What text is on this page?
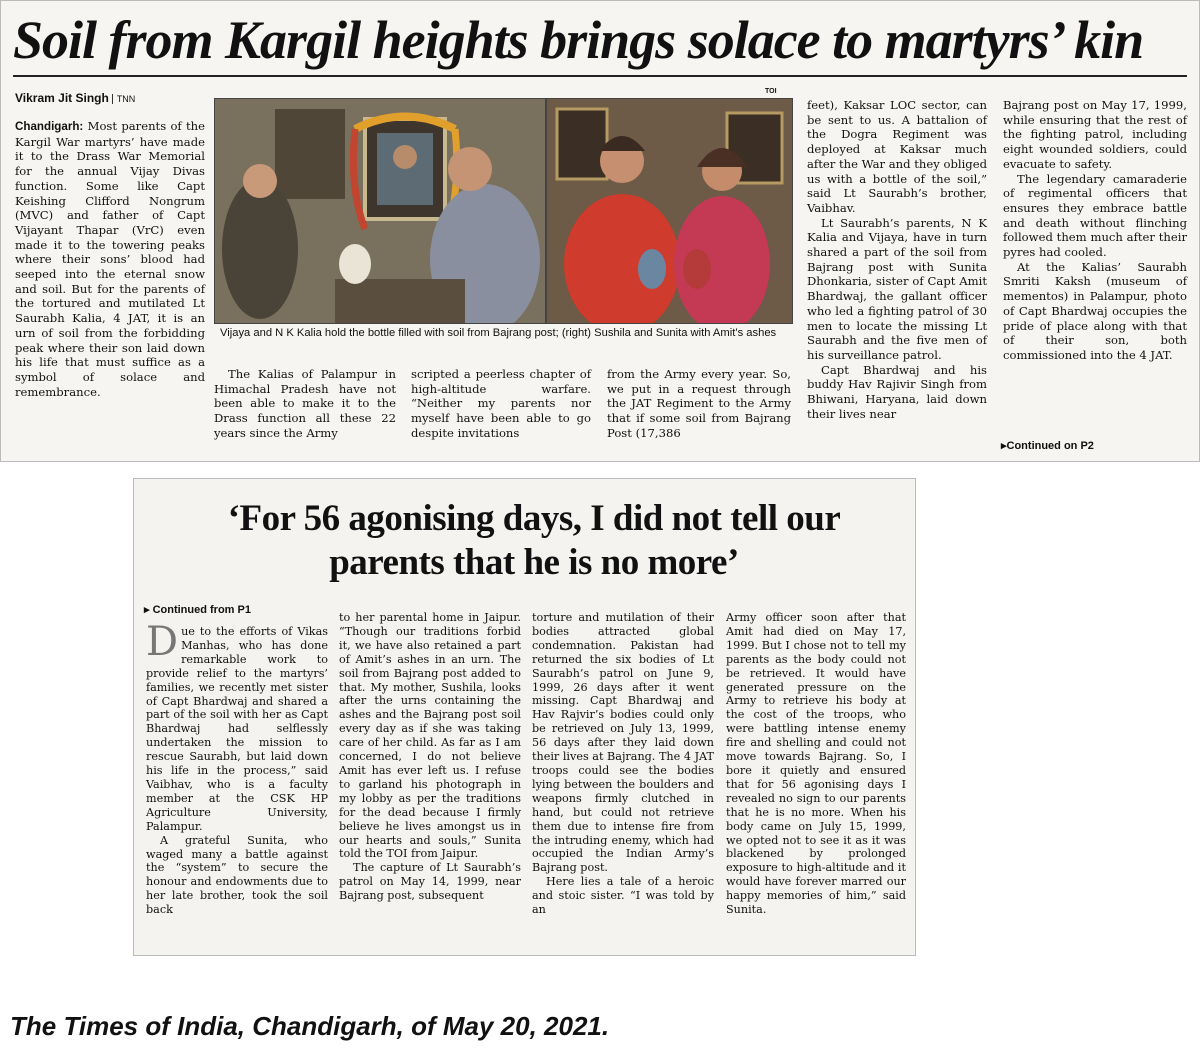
Soil from Kargil heights brings solace to martyrs’ kin
Vikram Jit Singh TNN

Chandigarh: Most parents of the Kargil War martyrs’ have made it to the Drass War Memorial for the annual Vijay Divas function. Some like Capt Keishing Clifford Nongrum (MVC) and father of Capt Vijayant Thapar (VrC) even made it to the towering peaks where their sons’ blood had seeped into the eternal snow and soil. But for the parents of the tortured and mutilated Lt Saurabh Kalia, 4 JAT, it is an urn of soil from the forbidding peak where their son laid down his life that must suffice as a symbol of solace and remembrance.

TOI
Vijaya and N K Kalia hold the bottle filled with soil from Bajrang post; (right) Sushila and Sunita with Amit’s ashes

The Kalias of Palampur in Himachal Pradesh have not been able to make it to the Drass function all these 22 years since the Army

scripted a peerless chapter of high-altitude warfare. “Neither my parents nor myself have been able to go despite invitations

from the Army every year. So, we put in a request through the JAT Regiment to the Army that if some soil from Bajrang Post (17,386

feet), Kaksar LOC sector, can be sent to us. A battalion of the Dogra Regiment was deployed at Kaksar much after the War and they obliged us with a bottle of the soil,” said Lt Saurabh’s brother, Vaibhav.

Lt Saurabh’s parents, N K Kalia and Vijaya, have in turn shared a part of the soil from Bajrang post with Sunita Dhonkaria, sister of Capt Amit Bhardwaj, the gallant officer who led a fighting patrol of 30 men to locate the missing Lt Saurabh and the five men of his surveillance patrol.

Capt Bhardwaj and his buddy Hav Rajivir Singh from Bhiwani, Haryana, laid down their lives near

Bajrang post on May 17, 1999, while ensuring that the rest of the fighting patrol, including eight wounded soldiers, could evacuate to safety.

The legendary camaraderie of regimental officers that ensures they embrace battle and death without flinching followed them much after their pyres had cooled.

At the Kalias’ Saurabh Smriti Kaksh (museum of mementos) in Palampur, photo of Capt Bhardwaj occupies the pride of place along with that of their son, both commissioned into the 4 JAT.

▸Continued on P2
‘For 56 agonising days, I did not tell our parents that he is no more’
▸ Continued from P1

Due to the efforts of Vikas Manhas, who has done remarkable work to provide relief to the martyrs’ families, we recently met sister of Capt Bhardwaj and shared a part of the soil with her as Capt Bhardwaj had selflessly undertaken the mission to rescue Saurabh, but laid down his life in the process,” said Vaibhav, who is a faculty member at the CSK HP Agriculture University, Palampur.

A grateful Sunita, who waged many a battle against the “system” to secure the honour and endowments due to her late brother, took the soil back

to her parental home in Jaipur. “Though our traditions forbid it, we have also retained a part of Amit’s ashes in an urn. The soil from Bajrang post added to that. My mother, Sushila, looks after the urns containing the ashes and the Bajrang post soil every day as if she was taking care of her child. As far as I am concerned, I do not believe Amit has ever left us. I refuse to garland his photograph in my lobby as per the traditions for the dead because I firmly believe he lives amongst us in our hearts and souls,” Sunita told the TOI from Jaipur.

The capture of Lt Saurabh’s patrol on May 14, 1999, near Bajrang post, subsequent

torture and mutilation of their bodies attracted global condemnation. Pakistan had returned the six bodies of Lt Saurabh’s patrol on June 9, 1999, 26 days after it went missing. Capt Bhardwaj and Hav Rajvir’s bodies could only be retrieved on July 13, 1999, 56 days after they laid down their lives at Bajrang. The 4 JAT troops could see the bodies lying between the boulders and weapons firmly clutched in hand, but could not retrieve them due to intense fire from the intruding enemy, which had occupied the Indian Army’s Bajrang post.

Here lies a tale of a heroic and stoic sister. “I was told by an

Army officer soon after that Amit had died on May 17, 1999. But I chose not to tell my parents as the body could not be retrieved. It would have generated pressure on the Army to retrieve his body at the cost of the troops, who were battling intense enemy fire and shelling and could not move towards Bajrang. So, I bore it quietly and ensured that for 56 agonising days I revealed no sign to our parents that he is no more. When his body came on July 15, 1999, we opted not to see it as it was blackened by prolonged exposure to high-altitude and it would have forever marred our happy memories of him,” said Sunita.

The Times of India, Chandigarh, of May 20, 2021.
